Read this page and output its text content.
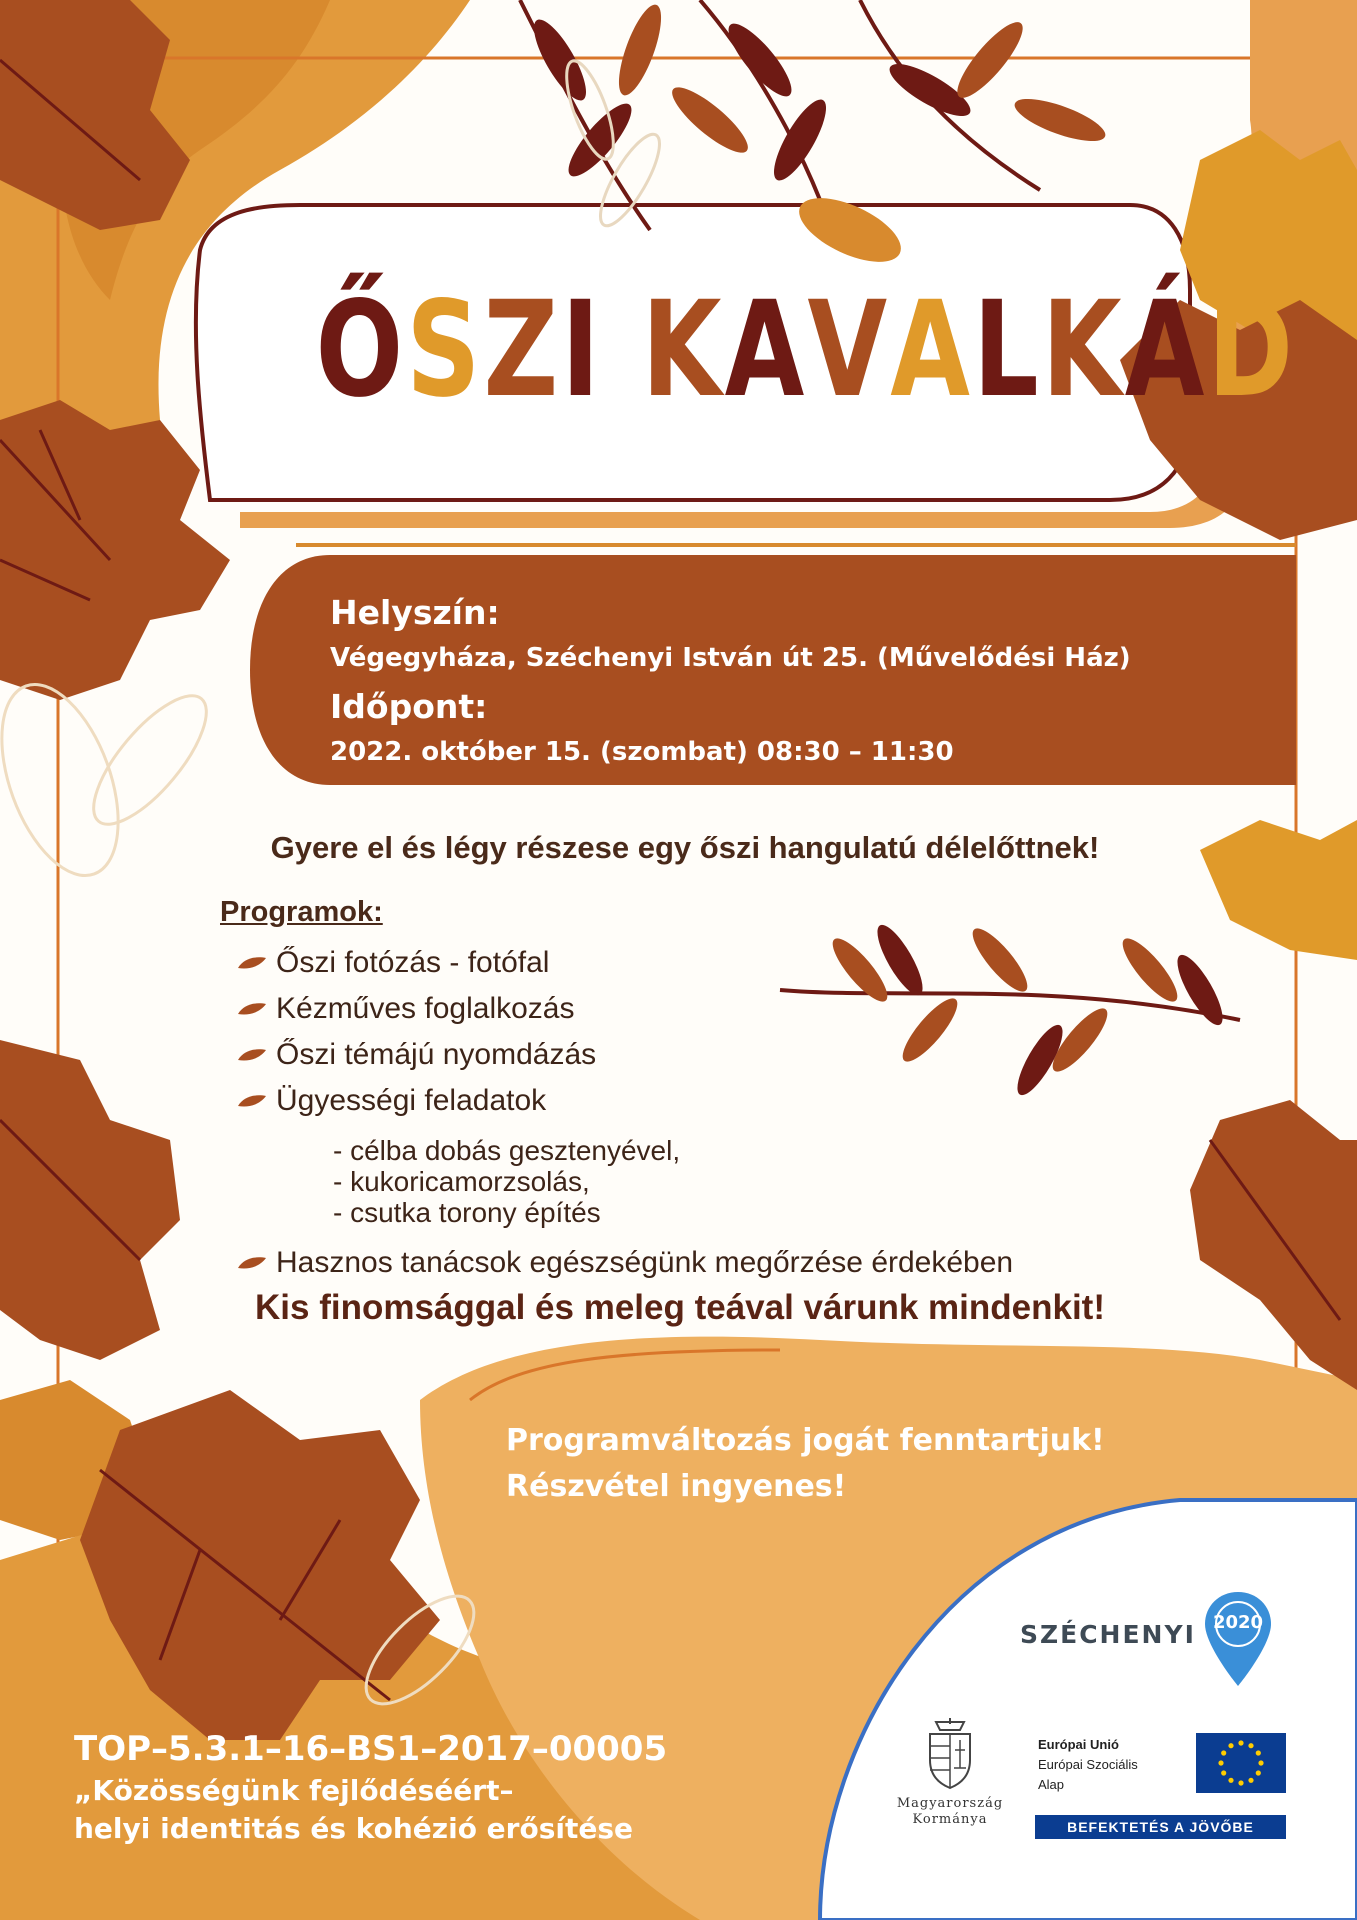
ŐSZI KAVALKÁD
Helyszín:
Végegyháza, Széchenyi István út 25. (Művelődési Ház)
Időpont:
2022. október 15. (szombat) 08:30 – 11:30
Gyere el és légy részese egy őszi hangulatú délelőttnek!
Programok:
Őszi fotózás - fotófal
Kézműves foglalkozás
Őszi témájú nyomdázás
Ügyességi feladatok
- célba dobás gesztenyével,
- kukoricamorzsolás,
- csutka torony építés
Hasznos tanácsok egészségünk megőrzése érdekében
Kis finomsággal és meleg teával várunk mindenkit!
Programváltozás jogát fenntartjuk!
Részvétel ingyenes!
TOP–5.3.1–16–BS1–2017–00005
„Közösségünk fejlődéséért–
helyi identitás és kohézió erősítése
SZÉCHENYI 2020
Magyarország
Kormánya
Európai Unió
Európai Szociális
Alap
BEFEKTETÉS A JÖVŐBE
